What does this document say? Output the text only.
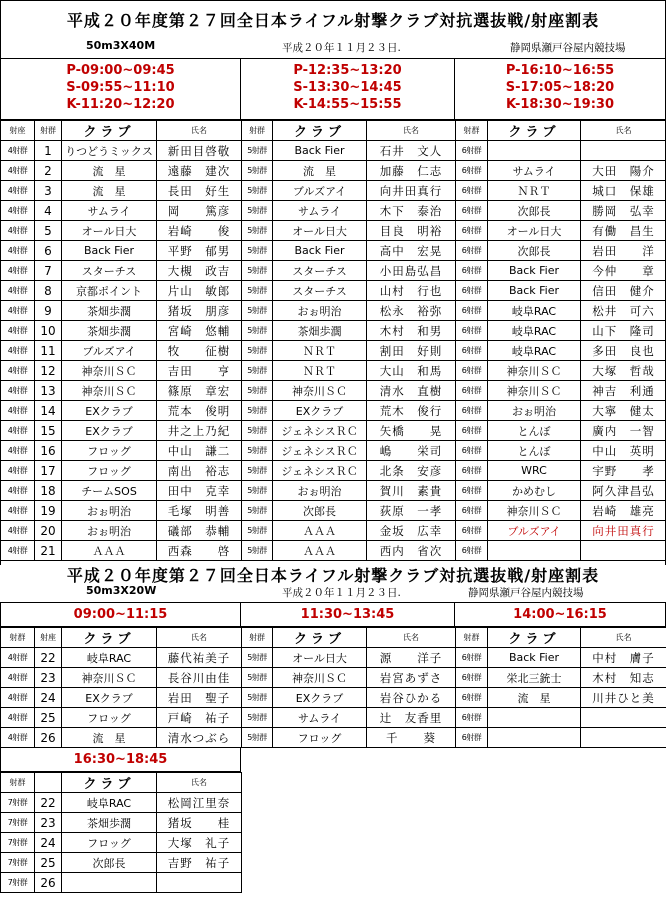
平成２０年度第２７回全日本ライフル射撃クラブ対抗選抜戦/射座割表
50m3X40M	平成２０年１１月２３日.	静岡県瀬戸谷屋内競技場
P-09:00~09:45
S-09:55~11:10
K-11:20~12:20
P-12:35~13:20
S-13:30~14:45
K-14:55~15:55
P-16:10~16:55
S-17:05~18:20
K-18:30~19:30
射座	射群	クラブ	氏名	射群	クラブ	氏名	射群	クラブ	氏名
4射群	1	りつどうミックス	新田目啓敬	5射群	Back Fier	石井　文人	6射群		
4射群	2	流　星	遠藤　建次	5射群	流　星	加藤　仁志	6射群	サムライ	大田　陽介
4射群	3	流　星	長田　好生	5射群	ブルズアイ	向井田真行	6射群	ＮＲＴ	城口　保雄
4射群	4	サムライ	岡　　篤彦	5射群	サムライ	木下　泰治	6射群	次郎長	勝岡　弘幸
4射群	5	オール日大	岩崎　　俊	5射群	オール日大	目良　明裕	6射群	オール日大	有働　昌生
4射群	6	Back Fier	平野　郁男	5射群	Back Fier	高中　宏晃	6射群	次郎長	岩田　　洋
4射群	7	スターチス	大槻　政吉	5射群	スターチス	小田島弘昌	6射群	Back Fier	今仲　　章
4射群	8	京都ポイント	片山　敏郎	5射群	スターチス	山村　行也	6射群	Back Fier	信田　健介
4射群	9	茶畑歩濶	猪坂　朋彦	5射群	おぉ明治	松永　裕弥	6射群	岐阜RAC	松井　可六
4射群	10	茶畑歩濶	宮崎　悠輔	5射群	茶畑歩濶	木村　和男	6射群	岐阜RAC	山下　隆司
4射群	11	ブルズアイ	牧　　征樹	5射群	ＮＲＴ	割田　好則	6射群	岐阜RAC	多田　良也
4射群	12	神奈川ＳＣ	吉田　　亨	5射群	ＮＲＴ	大山　和馬	6射群	神奈川ＳＣ	大塚　哲哉
4射群	13	神奈川ＳＣ	篠原　章宏	5射群	神奈川ＳＣ	清水　直樹	6射群	神奈川ＳＣ	神吉　利通
4射群	14	EXクラブ	荒本　俊明	5射群	EXクラブ	荒木　俊行	6射群	おぉ明治	大寧　健太
4射群	15	EXクラブ	井之上乃紀	5射群	ジェネシスＲＣ	矢橋　　晃	6射群	とんぼ	廣内　一智
4射群	16	フロッグ	中山　謙二	5射群	ジェネシスＲＣ	嶋　　栄司	6射群	とんぼ	中山　英明
4射群	17	フロッグ	南出　裕志	5射群	ジェネシスＲＣ	北条　安彦	6射群	WRC	宇野　　孝
4射群	18	チームSOS	田中　克幸	5射群	おぉ明治	賀川　素貴	6射群	かめむし	阿久津昌弘
4射群	19	おぉ明治	毛塚　明善	5射群	次郎長	荻原　一孝	6射群	神奈川ＳＣ	岩崎　雄亮
4射群	20	おぉ明治	礒部　恭輔	5射群	ＡＡＡ	金坂　広幸	6射群	ブルズアイ	向井田真行
4射群	21	ＡＡＡ	西森　　啓	5射群	ＡＡＡ	西内　省次	6射群		
平成２０年度第２７回全日本ライフル射撃クラブ対抗選抜戦/射座割表
50m3X20W	平成２０年１１月２３日.	静岡県瀬戸谷屋内競技場
09:00~11:15	11:30~13:45	14:00~16:15
射群	射座	クラブ	氏名	射群	クラブ	氏名	射群	クラブ	氏名
4射群	22	岐阜RAC	藤代祐美子	5射群	オール日大	源　　洋子	6射群	Back Fier	中村　膚子
4射群	23	神奈川ＳＣ	長谷川由佳	5射群	神奈川ＳＣ	岩宮あずさ	6射群	栄北三銃士	木村　知志
4射群	24	EXクラブ	岩田　聖子	5射群	EXクラブ	岩谷ひかる	6射群	流　星	川井ひと美
4射群	25	フロッグ	戸崎　祐子	5射群	サムライ	辻　友香里	6射群		
4射群	26	流　星	清水つぶら	5射群	フロッグ	千　　葵	6射群		
16:30~18:45
射群		クラブ	氏名
7射群	22	岐阜RAC	松岡江里奈
7射群	23	茶畑歩濶	猪坂　　桂
7射群	24	フロッグ	大塚　礼子
7射群	25	次郎長	吉野　祐子
7射群	26		
